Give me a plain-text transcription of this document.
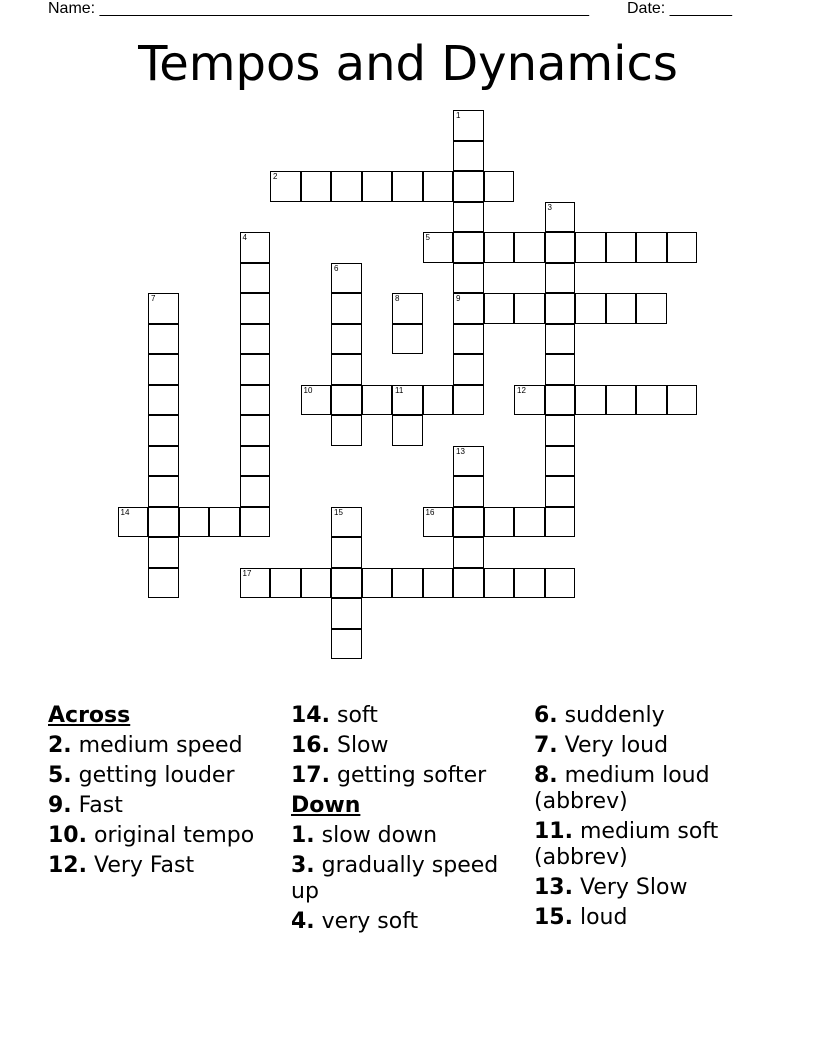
Name: _______________________________________________________ Date: _______
Tempos and Dynamics
1
9
2
3
4	5
6
7	8
10	11	12
13
14	15	16
17
Across
2. medium speed
5. getting louder
9. Fast
10. original tempo
12. Very Fast
14. soft
16. Slow
17. getting softer
Down
1. slow down
3. gradually speed up
4. very soft
6. suddenly
7. Very loud
8. medium loud (abbrev)
11. medium soft (abbrev)
13. Very Slow
15. loud
